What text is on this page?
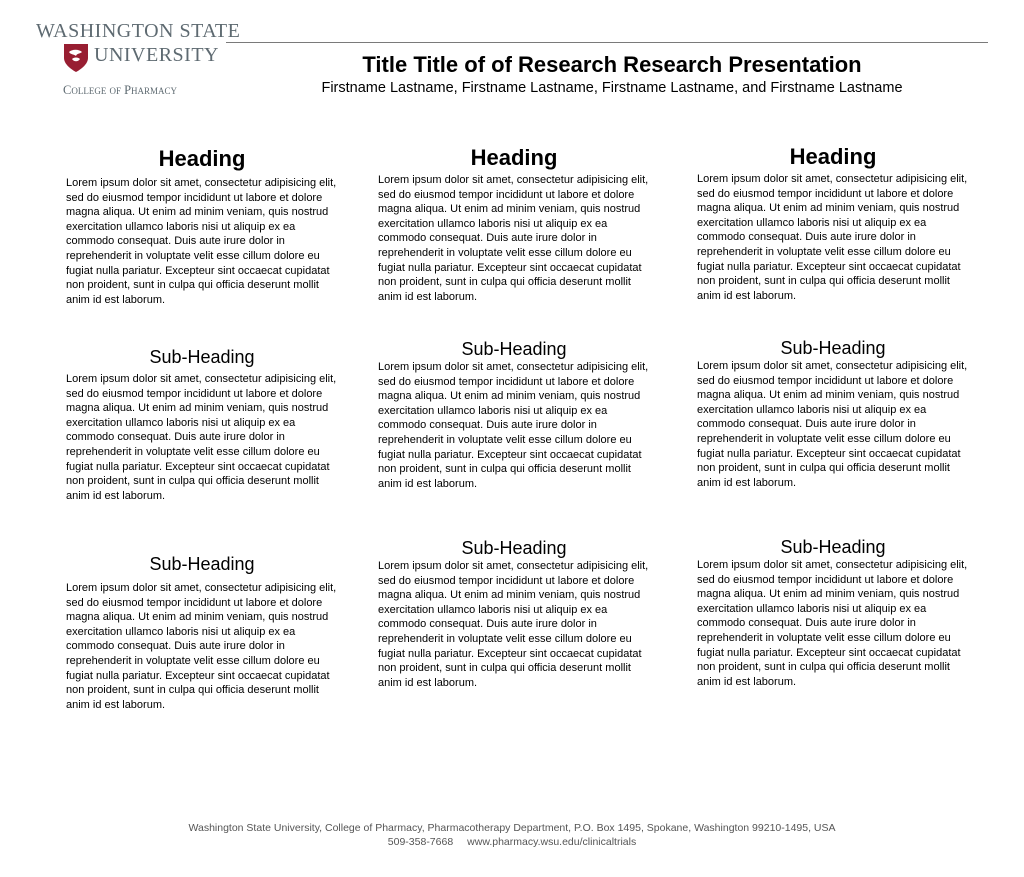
WASHINGTON STATE
UNIVERSITY
College of Pharmacy
Title Title of of Research Research Presentation
Firstname Lastname, Firstname Lastname, Firstname Lastname, and Firstname Lastname
Heading

Lorem ipsum dolor sit amet, consectetur adipisicing elit, sed do eiusmod tempor incididunt ut labore et dolore magna aliqua. Ut enim ad minim veniam, quis nostrud exercitation ullamco laboris nisi ut aliquip ex ea commodo consequat. Duis aute irure dolor in reprehenderit in voluptate velit esse cillum dolore eu fugiat nulla pariatur. Excepteur sint occaecat cupidatat non proident, sunt in culpa qui officia deserunt mollit anim id est laborum.

Sub-Heading

Lorem ipsum dolor sit amet, consectetur adipisicing elit, sed do eiusmod tempor incididunt ut labore et dolore magna aliqua. Ut enim ad minim veniam, quis nostrud exercitation ullamco laboris nisi ut aliquip ex ea commodo consequat. Duis aute irure dolor in reprehenderit in voluptate velit esse cillum dolore eu fugiat nulla pariatur. Excepteur sint occaecat cupidatat non proident, sunt in culpa qui officia deserunt mollit anim id est laborum.

Sub-Heading

Lorem ipsum dolor sit amet, consectetur adipisicing elit, sed do eiusmod tempor incididunt ut labore et dolore magna aliqua. Ut enim ad minim veniam, quis nostrud exercitation ullamco laboris nisi ut aliquip ex ea commodo consequat. Duis aute irure dolor in reprehenderit in voluptate velit esse cillum dolore eu fugiat nulla pariatur. Excepteur sint occaecat cupidatat non proident, sunt in culpa qui officia deserunt mollit anim id est laborum.

Heading

Lorem ipsum dolor sit amet, consectetur adipisicing elit, sed do eiusmod tempor incididunt ut labore et dolore magna aliqua. Ut enim ad minim veniam, quis nostrud exercitation ullamco laboris nisi ut aliquip ex ea commodo consequat. Duis aute irure dolor in reprehenderit in voluptate velit esse cillum dolore eu fugiat nulla pariatur. Excepteur sint occaecat cupidatat non proident, sunt in culpa qui officia deserunt mollit anim id est laborum.

Sub-Heading

Lorem ipsum dolor sit amet, consectetur adipisicing elit, sed do eiusmod tempor incididunt ut labore et dolore magna aliqua. Ut enim ad minim veniam, quis nostrud exercitation ullamco laboris nisi ut aliquip ex ea commodo consequat. Duis aute irure dolor in reprehenderit in voluptate velit esse cillum dolore eu fugiat nulla pariatur. Excepteur sint occaecat cupidatat non proident, sunt in culpa qui officia deserunt mollit anim id est laborum.

Sub-Heading

Lorem ipsum dolor sit amet, consectetur adipisicing elit, sed do eiusmod tempor incididunt ut labore et dolore magna aliqua. Ut enim ad minim veniam, quis nostrud exercitation ullamco laboris nisi ut aliquip ex ea commodo consequat. Duis aute irure dolor in reprehenderit in voluptate velit esse cillum dolore eu fugiat nulla pariatur. Excepteur sint occaecat cupidatat non proident, sunt in culpa qui officia deserunt mollit anim id est laborum.

Heading

Lorem ipsum dolor sit amet, consectetur adipisicing elit, sed do eiusmod tempor incididunt ut labore et dolore magna aliqua. Ut enim ad minim veniam, quis nostrud exercitation ullamco laboris nisi ut aliquip ex ea commodo consequat. Duis aute irure dolor in reprehenderit in voluptate velit esse cillum dolore eu fugiat nulla pariatur. Excepteur sint occaecat cupidatat non proident, sunt in culpa qui officia deserunt mollit anim id est laborum.

Sub-Heading

Lorem ipsum dolor sit amet, consectetur adipisicing elit, sed do eiusmod tempor incididunt ut labore et dolore magna aliqua. Ut enim ad minim veniam, quis nostrud exercitation ullamco laboris nisi ut aliquip ex ea commodo consequat. Duis aute irure dolor in reprehenderit in voluptate velit esse cillum dolore eu fugiat nulla pariatur. Excepteur sint occaecat cupidatat non proident, sunt in culpa qui officia deserunt mollit anim id est laborum.

Sub-Heading

Lorem ipsum dolor sit amet, consectetur adipisicing elit, sed do eiusmod tempor incididunt ut labore et dolore magna aliqua. Ut enim ad minim veniam, quis nostrud exercitation ullamco laboris nisi ut aliquip ex ea commodo consequat. Duis aute irure dolor in reprehenderit in voluptate velit esse cillum dolore eu fugiat nulla pariatur. Excepteur sint occaecat cupidatat non proident, sunt in culpa qui officia deserunt mollit anim id est laborum.

Washington State University, College of Pharmacy, Pharmacotherapy Department, P.O. Box 1495, Spokane, Washington 99210-1495, USA
509-358-7668 www.pharmacy.wsu.edu/clinicaltrials
